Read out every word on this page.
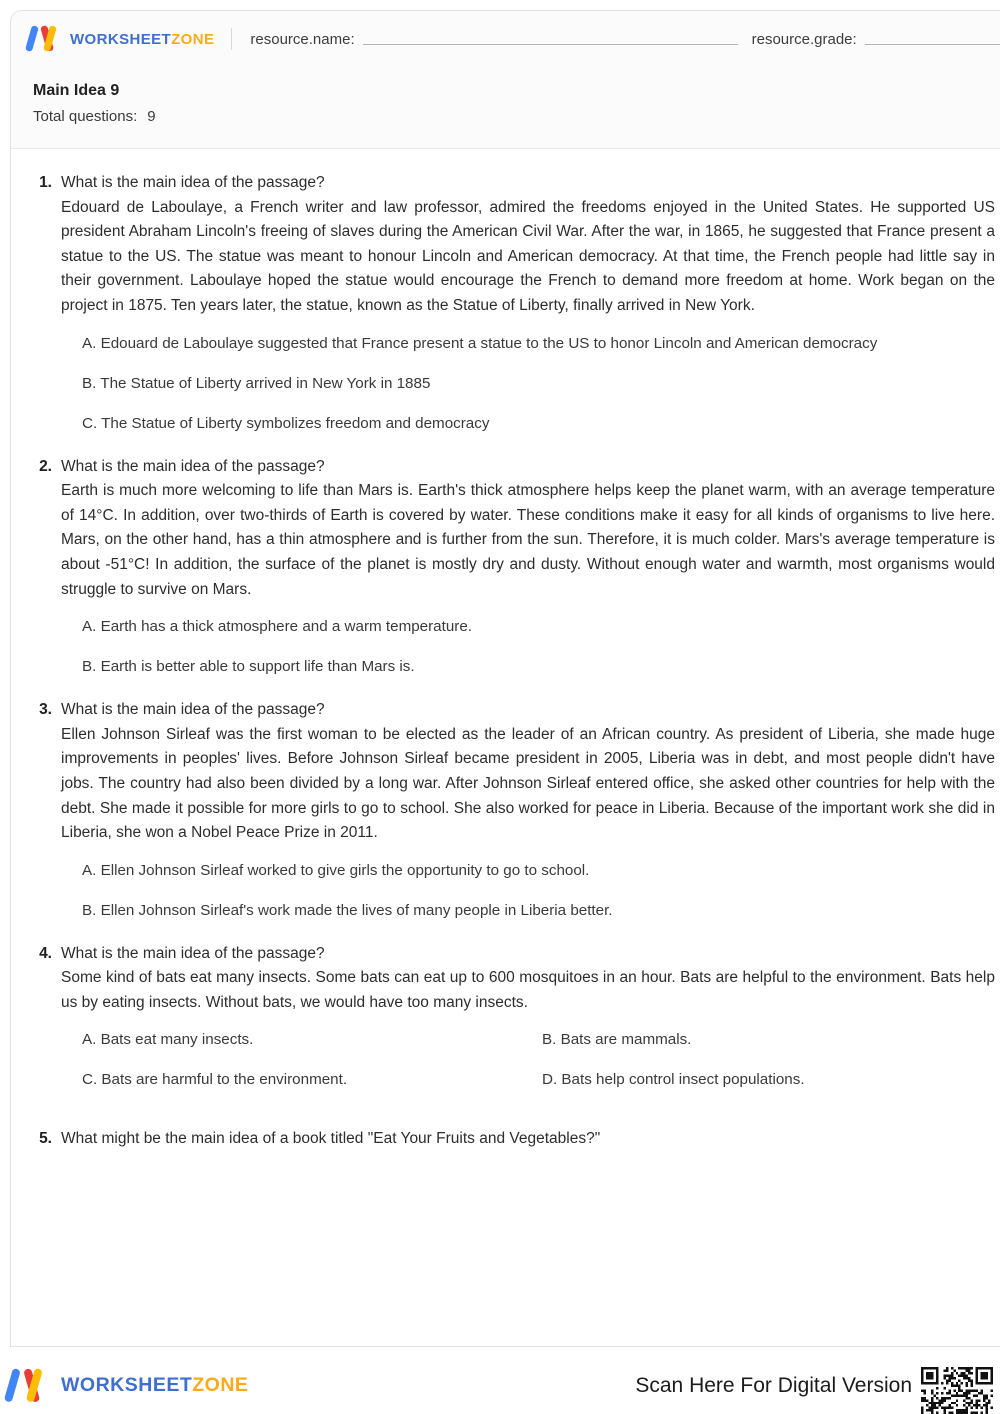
WORKSHEETZONE resource.name:	resource.grade:
Main Idea 9
Total questions: 9
1. What is the main idea of the passage?
Edouard de Laboulaye, a French writer and law professor, admired the freedoms enjoyed in the United States. He supported US president Abraham Lincoln's freeing of slaves during the American Civil War. After the war, in 1865, he suggested that France present a statue to the US. The statue was meant to honour Lincoln and American democracy. At that time, the French people had little say in their government. Laboulaye hoped the statue would encourage the French to demand more freedom at home. Work began on the project in 1875. Ten years later, the statue, known as the Statue of Liberty, finally arrived in New York.
A. Edouard de Laboulaye suggested that France present a statue to the US to honor Lincoln and American democracy
B. The Statue of Liberty arrived in New York in 1885
C. The Statue of Liberty symbolizes freedom and democracy
2. What is the main idea of the passage?
Earth is much more welcoming to life than Mars is. Earth's thick atmosphere helps keep the planet warm, with an average temperature of 14°C. In addition, over two-thirds of Earth is covered by water. These conditions make it easy for all kinds of organisms to live here. Mars, on the other hand, has a thin atmosphere and is further from the sun. Therefore, it is much colder. Mars's average temperature is about -51°C! In addition, the surface of the planet is mostly dry and dusty. Without enough water and warmth, most organisms would struggle to survive on Mars.
A. Earth has a thick atmosphere and a warm temperature.
B. Earth is better able to support life than Mars is.
3. What is the main idea of the passage?
Ellen Johnson Sirleaf was the first woman to be elected as the leader of an African country. As president of Liberia, she made huge improvements in peoples' lives. Before Johnson Sirleaf became president in 2005, Liberia was in debt, and most people didn't have jobs. The country had also been divided by a long war. After Johnson Sirleaf entered office, she asked other countries for help with the debt. She made it possible for more girls to go to school. She also worked for peace in Liberia. Because of the important work she did in Liberia, she won a Nobel Peace Prize in 2011.
A. Ellen Johnson Sirleaf worked to give girls the opportunity to go to school.
B. Ellen Johnson Sirleaf's work made the lives of many people in Liberia better.
4. What is the main idea of the passage?
Some kind of bats eat many insects. Some bats can eat up to 600 mosquitoes in an hour. Bats are helpful to the environment. Bats help us by eating insects. Without bats, we would have too many insects.
A. Bats eat many insects.	B. Bats are mammals.
C. Bats are harmful to the environment.	D. Bats help control insect populations.
5. What might be the main idea of a book titled "Eat Your Fruits and Vegetables?"
WORKSHEETZONE	Scan Here For Digital Version
